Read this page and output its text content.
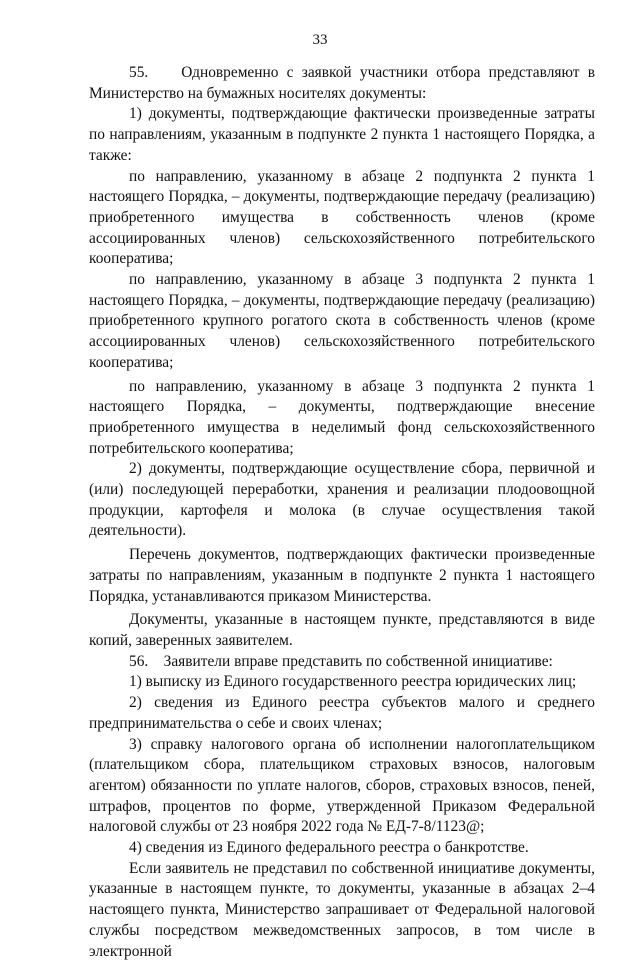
33

55.    Одновременно с заявкой участники отбора представляют в Министерство на бумажных носителях документы:

1) документы, подтверждающие фактически произведенные затраты по направлениям, указанным в подпункте 2 пункта 1 настоящего Порядка, а также:

по направлению, указанному в абзаце 2 подпункта 2 пункта 1 настоящего Порядка, – документы, подтверждающие передачу (реализацию) приобретенного имущества в собственность членов (кроме ассоциированных членов) сельскохозяйственного потребительского кооператива;

по направлению, указанному в абзаце 3 подпункта 2 пункта 1 настоящего Порядка, – документы, подтверждающие передачу (реализацию) приобретенного крупного рогатого скота в собственность членов (кроме ассоциированных членов) сельскохозяйственного потребительского кооператива;

по направлению, указанному в абзаце 3 подпункта 2 пункта 1 настоящего Порядка, – документы, подтверждающие внесение приобретенного имущества в неделимый фонд сельскохозяйственного потребительского кооператива;

2) документы, подтверждающие осуществление сбора, первичной и (или) последующей переработки, хранения и реализации плодоовощной продукции, картофеля и молока (в случае осуществления такой деятельности).

Перечень документов, подтверждающих фактически произведенные затраты по направлениям, указанным в подпункте 2 пункта 1 настоящего Порядка, устанавливаются приказом Министерства.

Документы, указанные в настоящем пункте, представляются в виде копий, заверенных заявителем.

56.    Заявители вправе представить по собственной инициативе:

1) выписку из Единого государственного реестра юридических лиц;

2) сведения из Единого реестра субъектов малого и среднего предпринимательства о себе и своих членах;

3) справку налогового органа об исполнении налогоплательщиком (плательщиком сбора, плательщиком страховых взносов, налоговым агентом) обязанности по уплате налогов, сборов, страховых взносов, пеней, штрафов, процентов по форме, утвержденной Приказом Федеральной налоговой службы от 23 ноября 2022 года № ЕД-7-8/1123@;

4) сведения из Единого федерального реестра о банкротстве.

Если заявитель не представил по собственной инициативе документы, указанные в настоящем пункте, то документы, указанные в абзацах 2–4 настоящего пункта, Министерство запрашивает от Федеральной налоговой службы посредством межведомственных запросов, в том числе в электронной
